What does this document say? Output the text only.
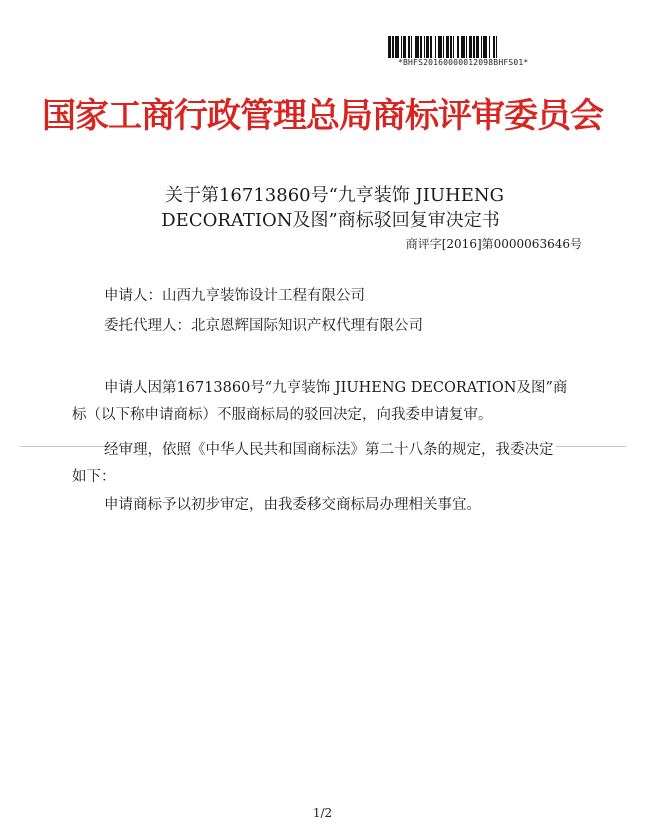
*BHFS20160000012098BHFS01*
国家工商行政管理总局商标评审委员会
关于第16713860号“九亨装饰 JIUHENG
DECORATION及图”商标驳回复审决定书
商评字[2016]第0000063646号
申请人：山西九亨装饰设计工程有限公司
委托代理人：北京恩辉国际知识产权代理有限公司
申请人因第16713860号“九亨装饰 JIUHENG DECORATION及图”商
标（以下称申请商标）不服商标局的驳回决定，向我委申请复审。
经审理，依照《中华人民共和国商标法》第二十八条的规定，我委决定
如下：
申请商标予以初步审定，由我委移交商标局办理相关事宜。
1/2
